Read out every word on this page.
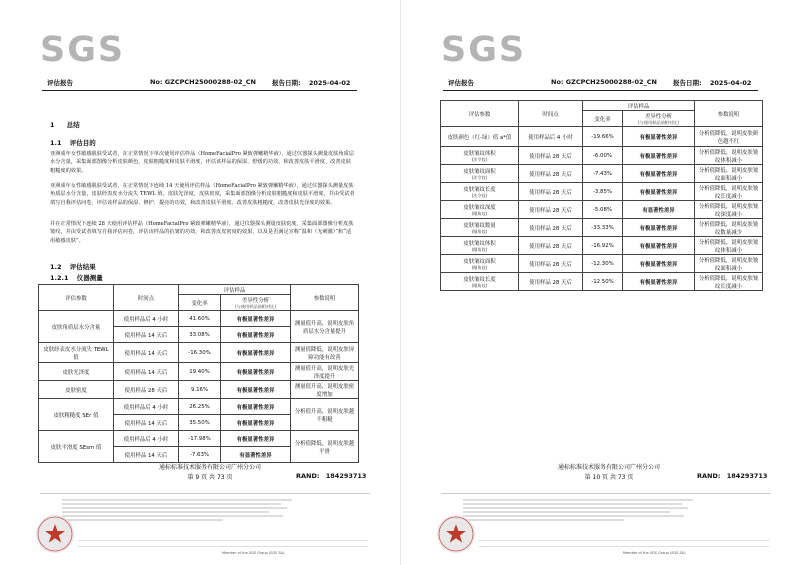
SGS
评估报告	No: GZCPCH25000288-02_CN 报告日期: 2025-04-02
1 总结
1.1 评估目的
亚洲成年女性敏感肌肤受试者，在正常情况下单次使用评估样品（HomeFacialPro 紧致弹嫩精华液），通过仪器探头测量皮肤角质层水分含量，采集面部图像分析皮肤颜色，皮肤粗糙度和皮肤平滑度，评估该样品的保湿、舒缓的功效，和改善皮肤平滑度、改善皮肤粗糙度的效果。
亚洲成年女性敏感肌肤受试者，在正常情况下连续 14 天使用评估样品（HomeFacialPro 紧致弹嫩精华液），通过仪器探头测量皮肤角质层水分含量，皮肤经表皮水分流失 TEWL 值，皮肤光泽度，皮肤密度，采集面部图像分析皮肤粗糙度和皮肤平滑度，并由受试者填写自我评估问卷，评估该样品的保湿、修护、提亮的功效，和改善皮肤平滑度、改善皮肤粗糙度、改善皮肤光泽度的效果。
并在正常情况下连续 28 天使用评估样品（HomeFacialPro 紧致弹嫩精华液），通过仪器探头测量皮肤密度，采集面部图像分析皮肤皱纹，并由受试者填写自我评估问卷，评估该样品的抗皱的功效，和改善皮皮密度的效果，以及是否满足宣称“温和（无刺激）”和“适用敏感皮肤”。
1.2 评估结果
1.2.1 仪器测量
评估参数	时间点	评估样品		参数说明
		变化率	差异性分析
(与使用样品前相对比)	

皮肤角质层水分含量	使用样品后 4 小时	41.60%	有极显著性差异	测量值升高，说明皮肤角质层水分含量提升
	使用样品 14 天后	33.08%	有极显著性差异	
皮肤经表皮水分流失 TEWL 值	使用样品 14 天后	-16.30%	有极显著性差异	测量值降低，说明皮肤屏障功能有改善
皮肤光泽度	使用样品 14 天后	19.40%	有极显著性差异	测量值升高，说明皮肤光泽度提升
皮肤密度	使用样品 28 天后	9.16%	有极显著性差异	测量值升高，说明皮肤密度增加
皮肤粗糙度 SEr 值	使用样品后 4 小时	26.25%	有极显著性差异	分析值升高，说明皮肤越不粗糙
	使用样品 14 天后	35.50%	有极显著性差异	
皮肤平滑度 SEsm 值	使用样品后 4 小时	-17.98%	有极显著性差异	分析值降低，说明皮肤越平滑
	使用样品 14 天后	-7.63%	有显著性差异	
通标标准技术服务有限公司广州分公司
第 9 页 共 73 页	RAND: 184293713
Member of the SGS Group (SGS SA)
SGS
评估报告	No: GZCPCH25000288-02_CN 报告日期: 2025-04-02
评估参数	时间点	评估样品		参数说明
		变化率	差异性分析
(与使用样品前相对比)	

皮肤颜色（红-绿）值 a*值	使用样品后 4 小时	-19.66%	有极显著性差异	分析值降低，说明皮肤颜色越不红
皮肤皱纹体积
(法令纹)	使用样品 28 天后	-6.00%	有极显著性差异	分析值降低，说明皮肤皱纹体积减小
皮肤皱纹面积
(法令纹)	使用样品 28 天后	-7.43%	有极显著性差异	分析值降低，说明皮肤皱纹面积减小
皮肤皱纹长度
(法令纹)	使用样品 28 天后	-3.85%	有极显著性差异	分析值降低，说明皮肤皱纹长度减小
皮肤皱纹深度
(眼角纹)	使用样品 28 天后	-5.08%	有显著性差异	分析值降低，说明皮肤皱纹深度减小
皮肤皱纹数量
(眼角纹)	使用样品 28 天后	-33.33%	有极显著性差异	分析值降低，说明皮肤皱纹数量减少
皮肤皱纹体积
(眼角纹)	使用样品 28 天后	-16.92%	有极显著性差异	分析值降低，说明皮肤皱纹体积减小
皮肤皱纹面积
(眼角纹)	使用样品 28 天后	-12.30%	有极显著性差异	分析值降低，说明皮肤皱纹面积减小
皮肤皱纹长度
(眼角纹)	使用样品 28 天后	-12.50%	有极显著性差异	分析值降低，说明皮肤皱纹长度减小
通标标准技术服务有限公司广州分公司
第 10 页 共 73 页	RAND: 184293713
Member of the SGS Group (SGS SA)
